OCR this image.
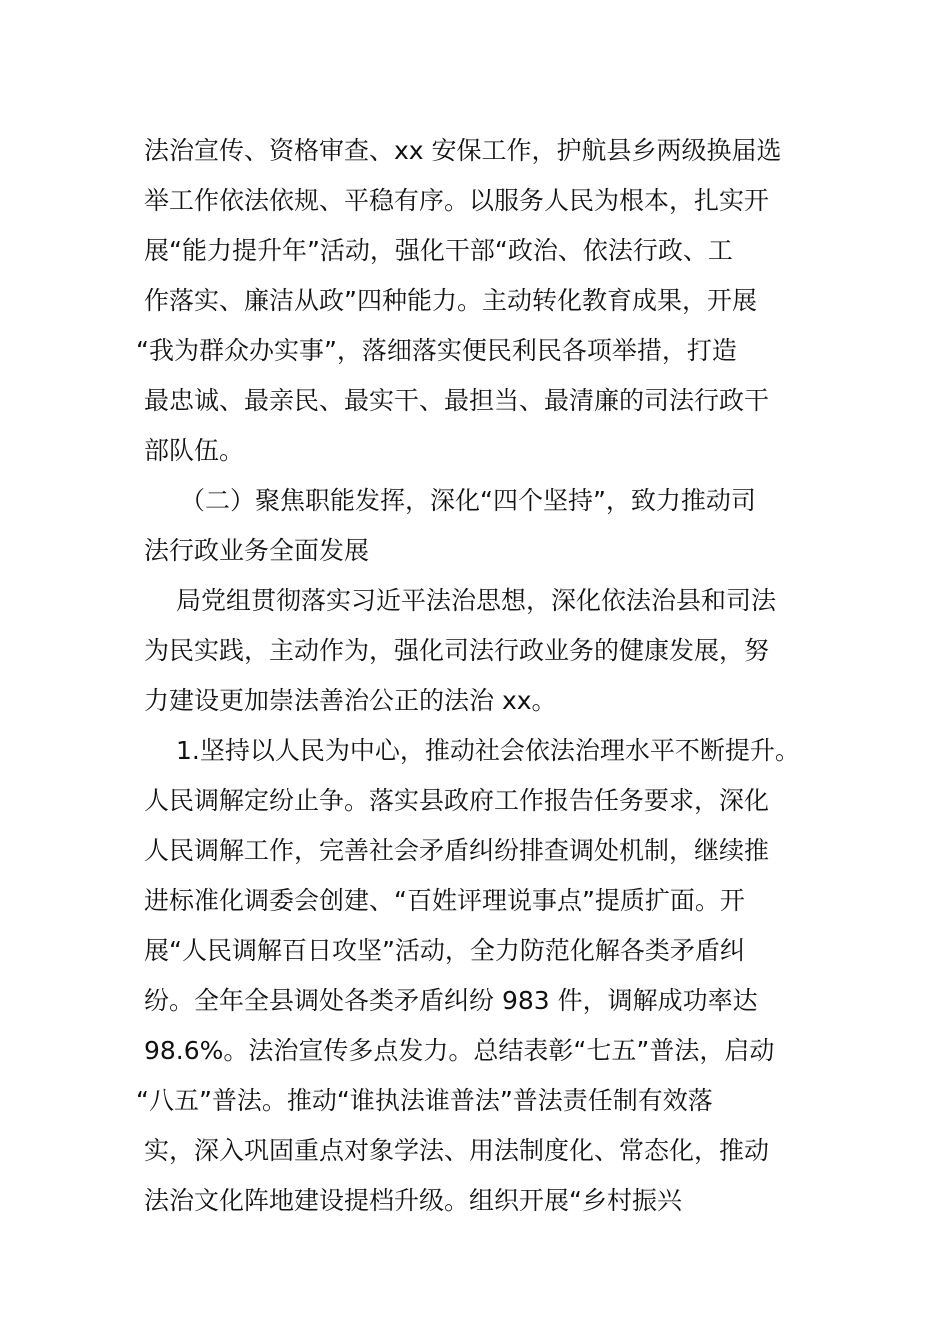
法治宣传、资格审查、xx 安保工作，护航县乡两级换届选
举工作依法依规、平稳有序。以服务人民为根本，扎实开
展“能力提升年”活动，强化干部“政治、依法行政、工
作落实、廉洁从政”四种能力。主动转化教育成果，开展
“我为群众办实事”，落细落实便民利民各项举措，打造
最忠诚、最亲民、最实干、最担当、最清廉的司法行政干
部队伍。
（二）聚焦职能发挥，深化“四个坚持”，致力推动司
法行政业务全面发展
局党组贯彻落实习近平法治思想，深化依法治县和司法
为民实践，主动作为，强化司法行政业务的健康发展，努
力建设更加崇法善治公正的法治 xx。
1.坚持以人民为中心，推动社会依法治理水平不断提升。
人民调解定纷止争。落实县政府工作报告任务要求，深化
人民调解工作，完善社会矛盾纠纷排查调处机制，继续推
进标准化调委会创建、“百姓评理说事点”提质扩面。开
展“人民调解百日攻坚”活动，全力防范化解各类矛盾纠
纷。全年全县调处各类矛盾纠纷 983 件，调解成功率达
98.6%。法治宣传多点发力。总结表彰“七五”普法，启动
“八五”普法。推动“谁执法谁普法”普法责任制有效落
实，深入巩固重点对象学法、用法制度化、常态化，推动
法治文化阵地建设提档升级。组织开展“乡村振兴
